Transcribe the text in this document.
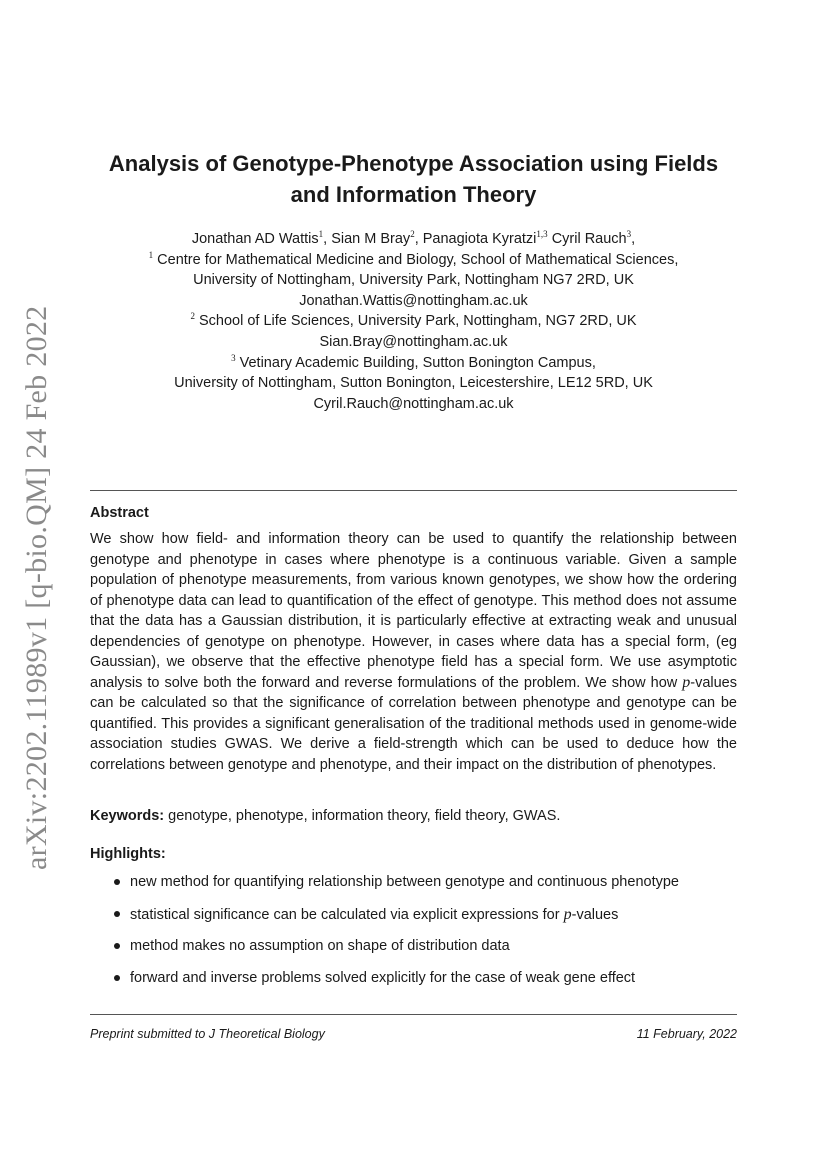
arXiv:2202.11989v1 [q-bio.QM] 24 Feb 2022
Analysis of Genotype-Phenotype Association using Fields
and Information Theory
Jonathan AD Wattis$^1$, Sian M Bray$^2$, Panagiota Kyratzi$^{1,3}$ Cyril Rauch$^3$,
$^1$ Centre for Mathematical Medicine and Biology, School of Mathematical Sciences,
University of Nottingham, University Park, Nottingham NG7 2RD, UK
Jonathan.Wattis@nottingham.ac.uk
$^2$ School of Life Sciences, University Park, Nottingham, NG7 2RD, UK
Sian.Bray@nottingham.ac.uk
$^3$ Vetinary Academic Building, Sutton Bonington Campus,
University of Nottingham, Sutton Bonington, Leicestershire, LE12 5RD, UK
Cyril.Rauch@nottingham.ac.uk
Abstract
We show how field- and information theory can be used to quantify the relationship between genotype and phenotype in cases where phenotype is a continuous variable. Given a sample population of phenotype measurements, from various known genotypes, we show how the ordering of phenotype data can lead to quantification of the effect of genotype. This method does not assume that the data has a Gaussian distribution, it is particularly effective at extracting weak and unusual dependencies of genotype on phenotype. However, in cases where data has a special form, (eg Gaussian), we observe that the effective phenotype field has a special form. We use asymptotic analysis to solve both the forward and reverse formulations of the problem. We show how p-values can be calculated so that the significance of correlation between phenotype and genotype can be quantified. This provides a significant generalisation of the traditional methods used in genome-wide association studies GWAS. We derive a field-strength which can be used to deduce how the correlations between genotype and phenotype, and their impact on the distribution of phenotypes.
Keywords: genotype, phenotype, information theory, field theory, GWAS.
Highlights:
new method for quantifying relationship between genotype and continuous phenotype
statistical significance can be calculated via explicit expressions for p-values
method makes no assumption on shape of distribution data
forward and inverse problems solved explicitly for the case of weak gene effect
Preprint submitted to J Theoretical Biology	11 February, 2022
